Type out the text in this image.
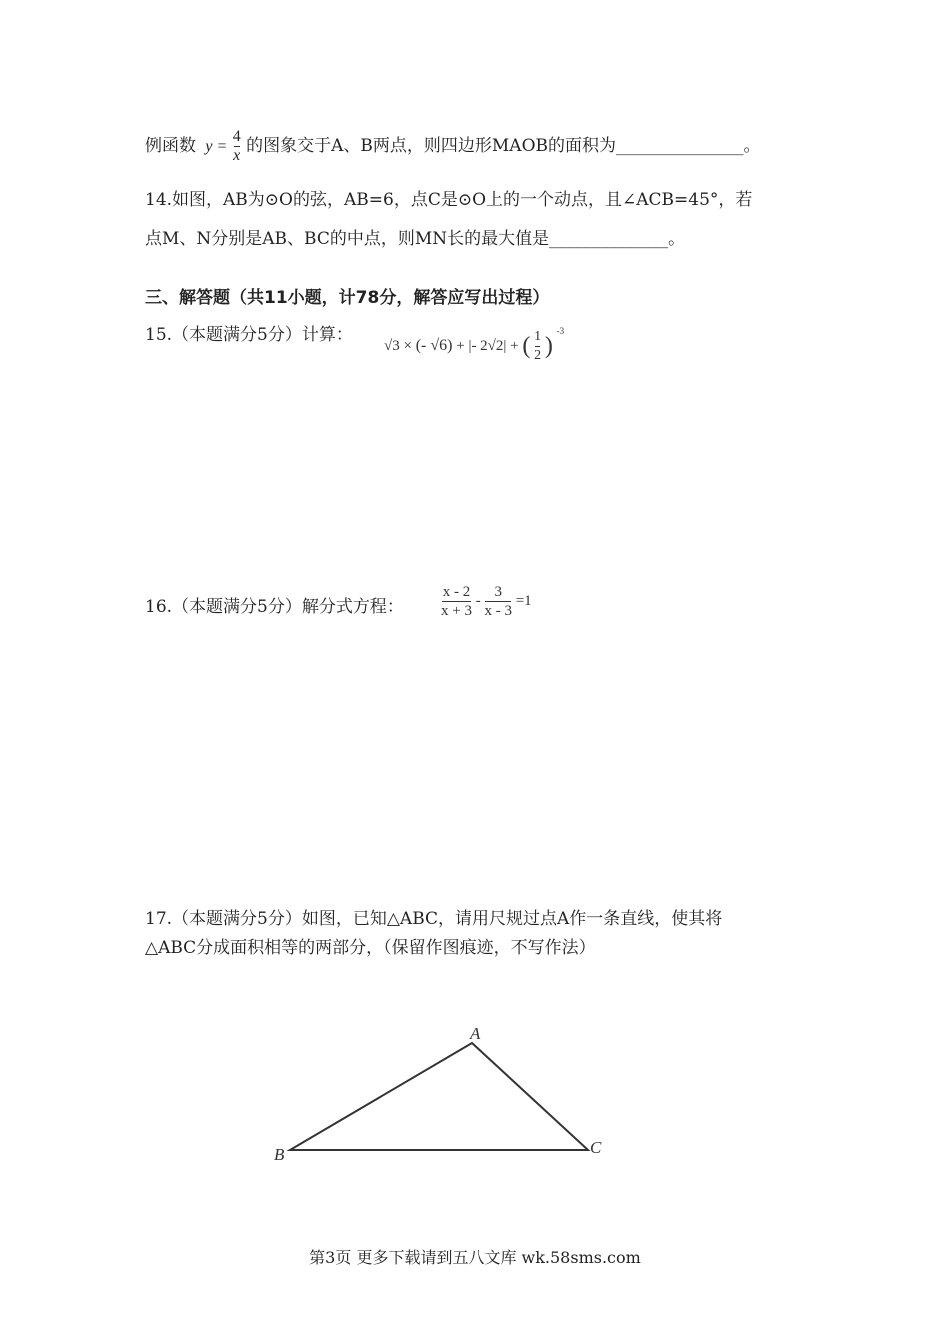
例函数 $y = \frac{4}{x}$ 的图象交于A、B两点，则四边形MAOB的面积为_______________。
14.如图，AB为⊙O的弦，AB=6，点C是⊙O上的一个动点，且∠ACB=45°，若
点M、N分别是AB、BC的中点，则MN长的最大值是______________。
三、解答题（共11小题，计78分，解答应写出过程）
15.（本题满分5分）计算：
√3 × (- √6) + |- 2√2| + ( $\frac{1}{2}$ ) $^{-3}$
16.（本题满分5分）解分式方程： $\frac{x - 2}{x + 3} - \frac{3}{x - 3} =1$
17.（本题满分5分）如图，已知△ABC，请用尺规过点A作一条直线，使其将
△ABC分成面积相等的两部分，（保留作图痕迹，不写作法）
A
B	C
第3页 更多下载请到五八文库 wk.58sms.com
